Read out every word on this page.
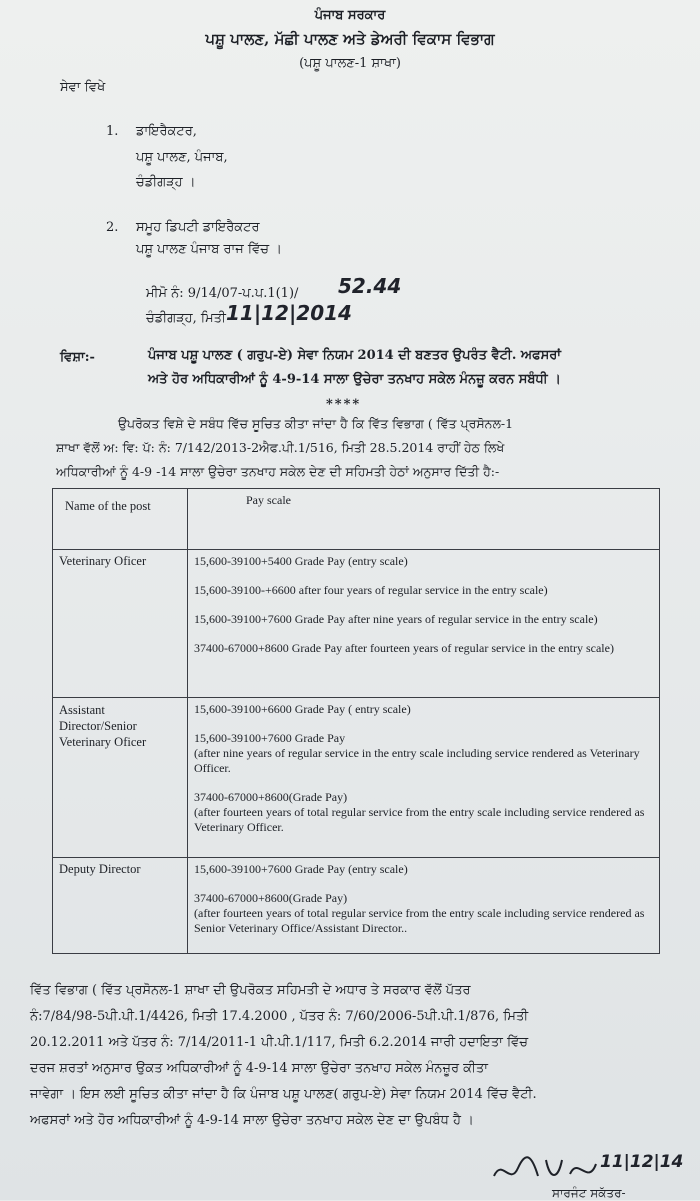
ਪੰਜਾਬ ਸਰਕਾਰ
ਪਸ਼ੂ ਪਾਲਣ, ਮੱਛੀ ਪਾਲਣ ਅਤੇ ਡੇਅਰੀ ਵਿਕਾਸ ਵਿਭਾਗ
(ਪਸ਼ੂ ਪਾਲਣ-1 ਸ਼ਾਖਾ)
ਸੇਵਾ ਵਿਖੇ
1. ਡਾਇਰੈਕਟਰ,
ਪਸ਼ੂ ਪਾਲਣ, ਪੰਜਾਬ,
ਚੰਡੀਗੜ੍ਹ ।
2. ਸਮੂਹ ਡਿਪਟੀ ਡਾਇਰੈਕਟਰ
ਪਸ਼ੂ ਪਾਲਣ ਪੰਜਾਬ ਰਾਜ ਵਿੱਚ ।
ਮੀਮੋ ਨੰ: 9/14/07-ਪ.ਪ.1(1)/ 52.44
ਚੰਡੀਗੜ੍ਹ, ਮਿਤੀ 11|12|2014
ਵਿਸ਼ਾ:-	ਪੰਜਾਬ ਪਸ਼ੂ ਪਾਲਣ ( ਗਰੁਪ-ਏ) ਸੇਵਾ ਨਿਯਮ 2014 ਦੀ ਬਣਤਰ ਉਪਰੰਤ ਵੈਟੀ. ਅਫਸਰਾਂ
ਅਤੇ ਹੋਰ ਅਧਿਕਾਰੀਆਂ ਨੂੰ 4-9-14 ਸਾਲਾ ਉਚੇਰਾ ਤਨਖਾਹ ਸਕੇਲ ਮੰਨਜ਼ੂ ਕਰਨ ਸਬੰਧੀ ।
****
ਉਪਰੋਕਤ ਵਿਸ਼ੇ ਦੇ ਸਬੰਧ ਵਿੱਚ ਸੂਚਿਤ ਕੀਤਾ ਜਾਂਦਾ ਹੈ ਕਿ ਵਿੱਤ ਵਿਭਾਗ ( ਵਿੱਤ ਪ੍ਰਸੋਨਲ-1
ਸ਼ਾਖਾ ਵੱਲੋਂ ਅ: ਵਿ: ਪੱ: ਨੰ: 7/142/2013-2ਐਫ.ਪੀ.1/516, ਮਿਤੀ 28.5.2014 ਰਾਹੀਂ ਹੇਠ ਲਿਖੇ
ਅਧਿਕਾਰੀਆਂ ਨੂੰ 4-9 -14 ਸਾਲਾ ਉਚੇਰਾ ਤਨਖਾਹ ਸਕੇਲ ਦੇਣ ਦੀ ਸਹਿਮਤੀ ਹੇਠਾਂ ਅਨੁਸਾਰ ਦਿੱਤੀ ਹੈ:-
Name of the post	Pay scale

Veterinary Oficer	15,600-39100+5400 Grade Pay (entry scale)
15,600-39100-+6600 after four years of regular service in the entry scale)
15,600-39100+7600 Grade Pay after nine years of regular service in the entry scale)
37400-67000+8600 Grade Pay after fourteen years of regular service in the entry scale)

Assistant Director/Senior Veterinary Oficer	15,600-39100+6600 Grade Pay ( entry scale)
15,600-39100+7600 Grade Pay
(after nine years of regular service in the entry scale including service rendered as Veterinary Officer.
37400-67000+8600(Grade Pay)
(after fourteen years of total regular service from the entry scale including service rendered as Veterinary Officer.

Deputy Director	15,600-39100+7600 Grade Pay (entry scale)
37400-67000+8600(Grade Pay)
(after fourteen years of total regular service from the entry scale including service rendered as Senior Veterinary Office/Assistant Director..
ਵਿੱਤ ਵਿਭਾਗ ( ਵਿੱਤ ਪ੍ਰਸੋਨਲ-1 ਸ਼ਾਖਾ ਦੀ ਉਪਰੋਕਤ ਸਹਿਮਤੀ ਦੇ ਅਧਾਰ ਤੇ ਸਰਕਾਰ ਵੱਲੋਂ ਪੱਤਰ
ਨੰ:7/84/98-5ਪੀ.ਪੀ.1/4426, ਮਿਤੀ 17.4.2000 , ਪੱਤਰ ਨੰ: 7/60/2006-5ਪੀ.ਪੀ.1/876, ਮਿਤੀ
20.12.2011 ਅਤੇ ਪੱਤਰ ਨੰ: 7/14/2011-1 ਪੀ.ਪੀ.1/117, ਮਿਤੀ 6.2.2014 ਜਾਰੀ ਹਦਾਇਤਾ ਵਿੱਚ
ਦਰਜ ਸ਼ਰਤਾਂ ਅਨੁਸਾਰ ਉਕਤ ਅਧਿਕਾਰੀਆਂ ਨੂੰ 4-9-14 ਸਾਲਾ ਉਚੇਰਾ ਤਨਖਾਹ ਸਕੇਲ ਮੰਨਜ਼ੂਰ ਕੀਤਾ
ਜਾਵੇਗਾ । ਇਸ ਲਈ ਸੂਚਿਤ ਕੀਤਾ ਜਾਂਦਾ ਹੈ ਕਿ ਪੰਜਾਬ ਪਸ਼ੂ ਪਾਲਣ( ਗਰੁਪ-ਏ) ਸੇਵਾ ਨਿਯਮ 2014 ਵਿੱਚ ਵੈਟੀ.
ਅਫਸਰਾਂ ਅਤੇ ਹੋਰ ਅਧਿਕਾਰੀਆਂ ਨੂੰ 4-9-14 ਸਾਲਾ ਉਚੇਰਾ ਤਨਖਾਹ ਸਕੇਲ ਦੇਣ ਦਾ ਉਪਬੰਧ ਹੈ ।
11|12|14
ਸਾਰਜੰਟ ਸਕੱਤਰ-
